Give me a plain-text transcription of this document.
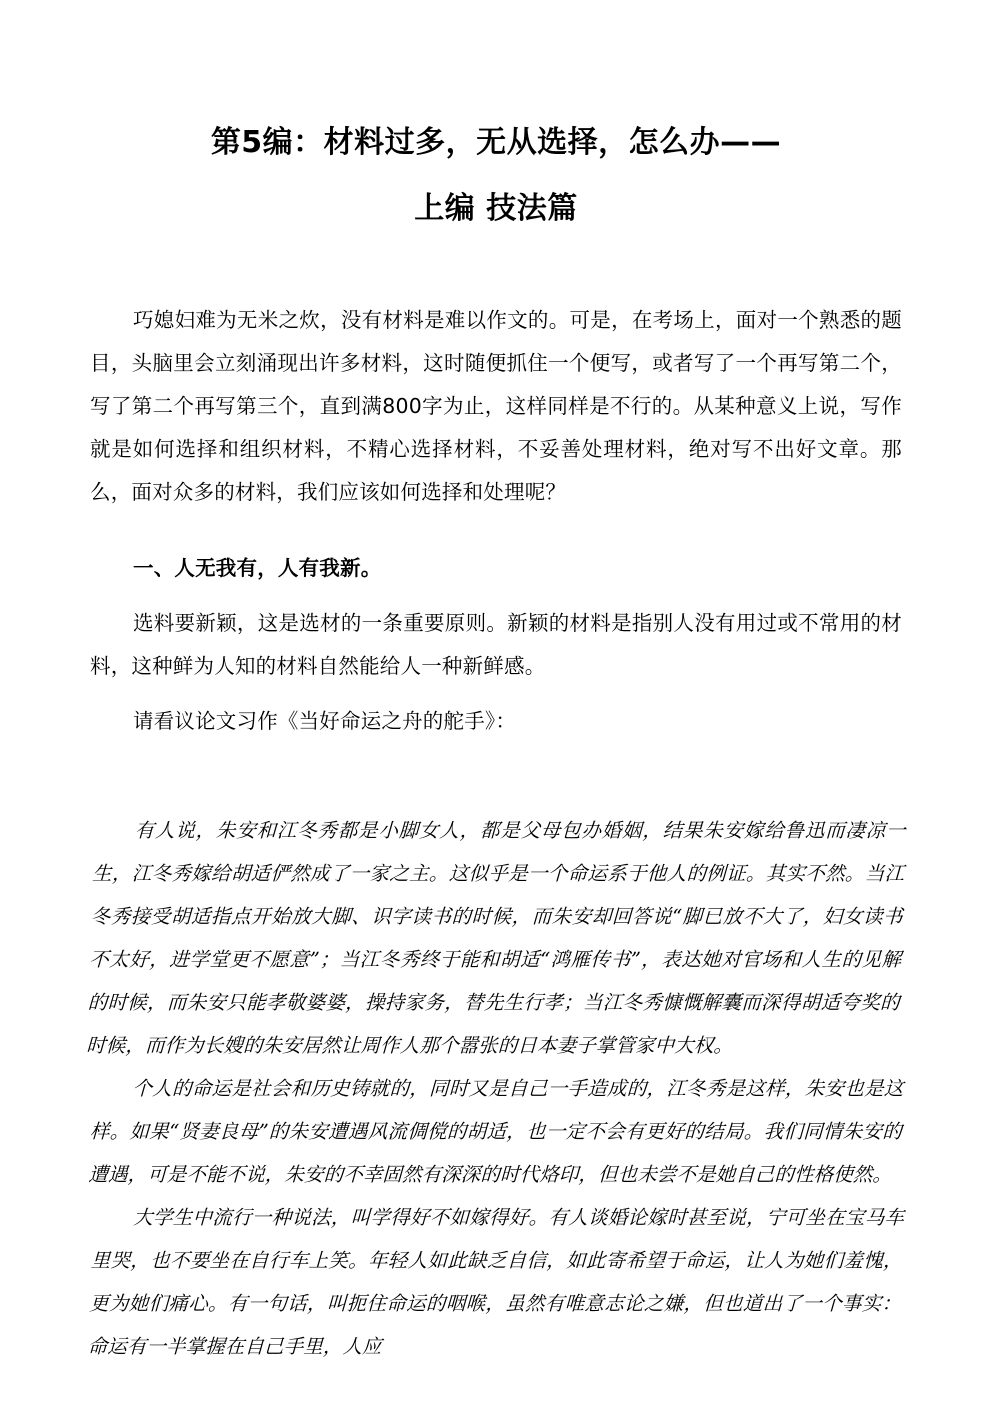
第5编：材料过多，无从选择，怎么办——
上编 技法篇

巧媳妇难为无米之炊，没有材料是难以作文的。可是，在考场上，面对一个熟悉的题目，头脑里会立刻涌现出许多材料，这时随便抓住一个便写，或者写了一个再写第二个，写了第二个再写第三个，直到满800字为止，这样同样是不行的。从某种意义上说，写作就是如何选择和组织材料，不精心选择材料，不妥善处理材料，绝对写不出好文章。那么，面对众多的材料，我们应该如何选择和处理呢？

一、人无我有，人有我新。

选料要新颖，这是选材的一条重要原则。新颖的材料是指别人没有用过或不常用的材料，这种鲜为人知的材料自然能给人一种新鲜感。

请看议论文习作《当好命运之舟的舵手》：

有人说，朱安和江冬秀都是小脚女人，都是父母包办婚姻，结果朱安嫁给鲁迅而凄凉一生，江冬秀嫁给胡适俨然成了一家之主。这似乎是一个命运系于他人的例证。其实不然。当江冬秀接受胡适指点开始放大脚、识字读书的时候，而朱安却回答说“脚已放不大了，妇女读书不太好，进学堂更不愿意”；当江冬秀终于能和胡适“鸿雁传书”，表达她对官场和人生的见解的时候，而朱安只能孝敬婆婆，操持家务，替先生行孝；当江冬秀慷慨解囊而深得胡适夸奖的时候，而作为长嫂的朱安居然让周作人那个嚣张的日本妻子掌管家中大权。

个人的命运是社会和历史铸就的，同时又是自己一手造成的，江冬秀是这样，朱安也是这样。如果“贤妻良母”的朱安遭遇风流倜傥的胡适，也一定不会有更好的结局。我们同情朱安的遭遇，可是不能不说，朱安的不幸固然有深深的时代烙印，但也未尝不是她自己的性格使然。

大学生中流行一种说法，叫学得好不如嫁得好。有人谈婚论嫁时甚至说，宁可坐在宝马车里哭，也不要坐在自行车上笑。年轻人如此缺乏自信，如此寄希望于命运，让人为她们羞愧，更为她们痛心。有一句话，叫扼住命运的咽喉，虽然有唯意志论之嫌，但也道出了一个事实：命运有一半掌握在自己手里，人应
